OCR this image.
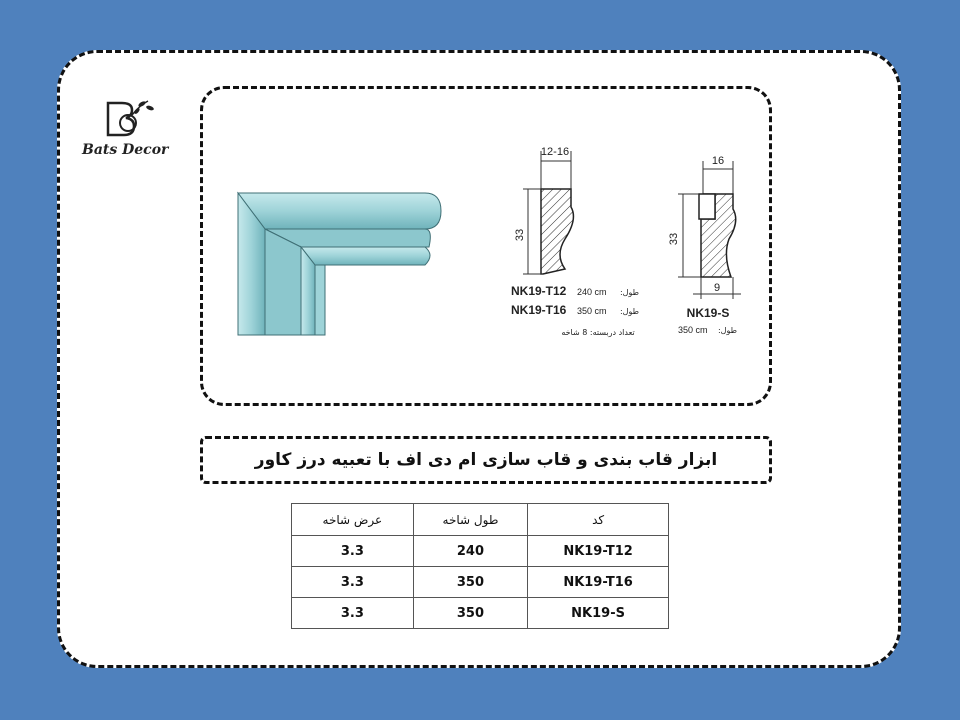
Bats Decor	12-16
33
NK19-T12 240 cm طول:
NK19-T16 350 cm طول:
تعداد دربسته: 8 شاخه
16
33
9
NK19-S
350 cm طول:
ابزار قاب بندی و قاب سازی ام دی اف با تعبیه درز کاور
کد	طول شاخه	عرض شاخه
NK19-T12	240	3.3
NK19-T16	350	3.3
NK19-S	350	3.3
